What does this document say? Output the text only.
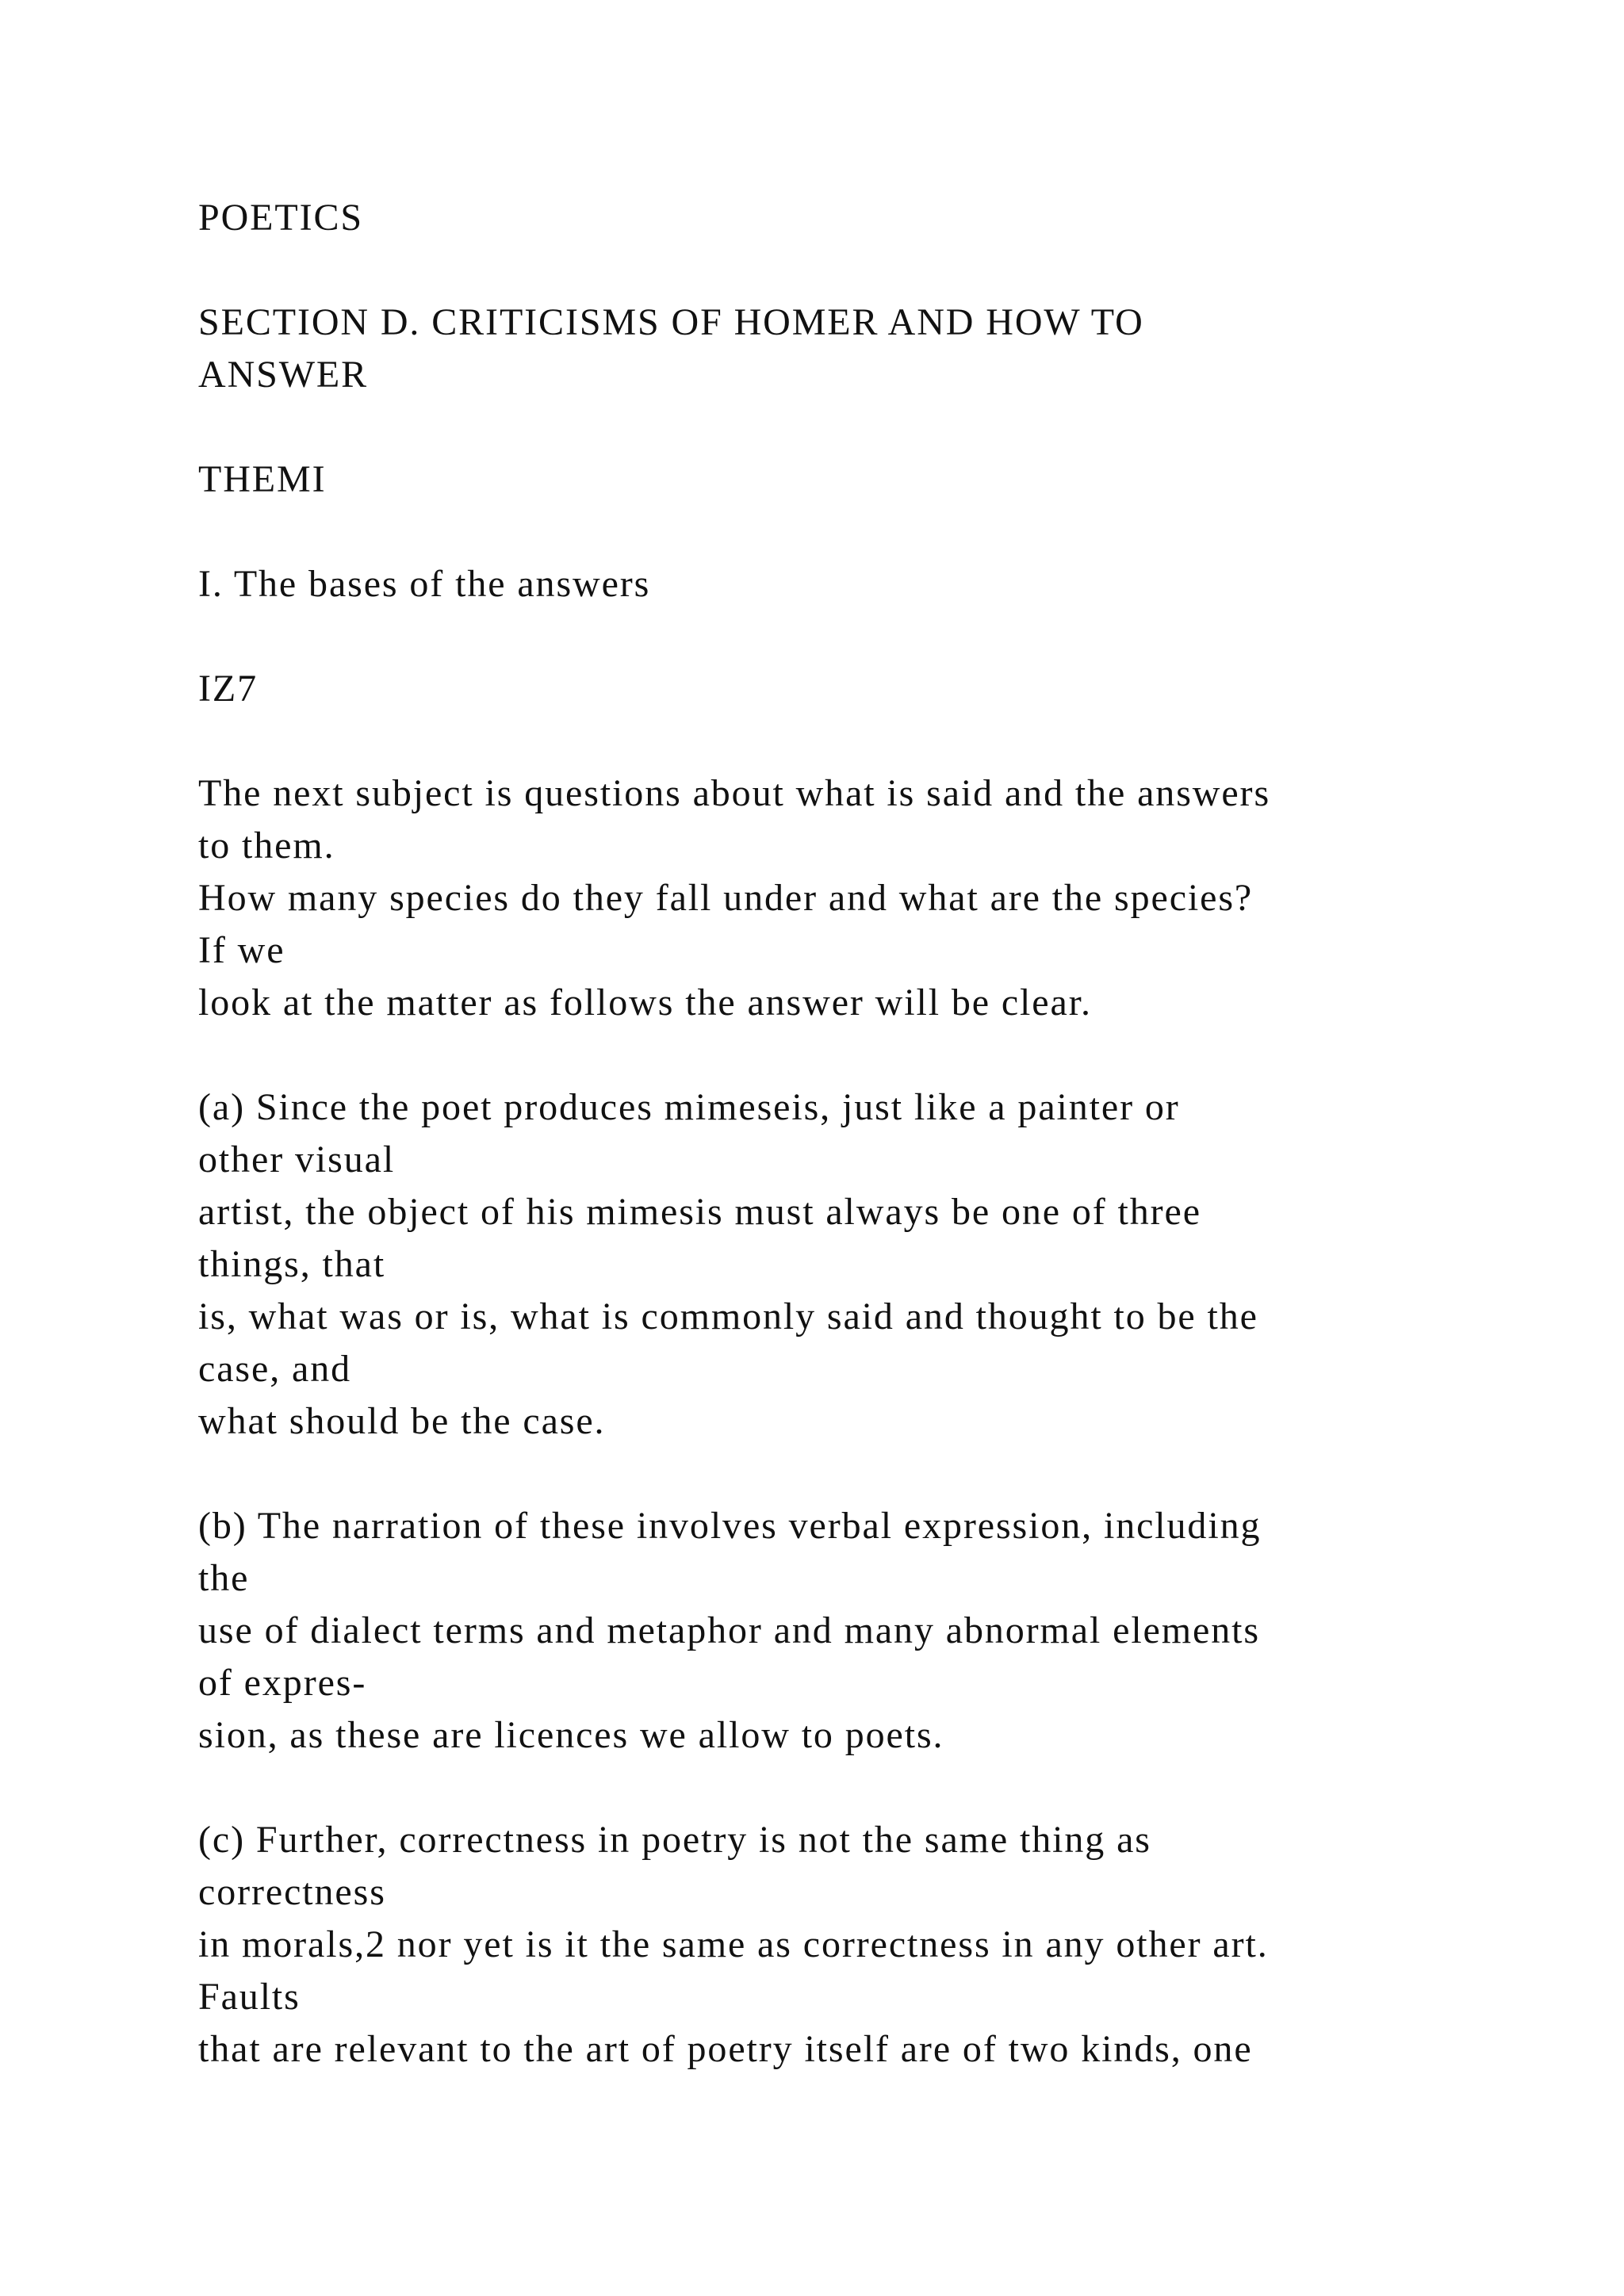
POETICS
SECTION D. CRITICISMS OF HOMER AND HOW TO
ANSWER
THEMI
I. The bases of the answers
IZ7
The next subject is questions about what is said and the answers
to them.
How many species do they fall under and what are the species?
If we
look at the matter as follows the answer will be clear.
(a) Since the poet produces mimeseis, just like a painter or
other visual
artist, the object of his mimesis must always be one of three
things, that
is, what was or is, what is commonly said and thought to be the
case, and
what should be the case.
(b) The narration of these involves verbal expression, including
the
use of dialect terms and metaphor and many abnormal elements
of expres-
sion, as these are licences we allow to poets.
(c) Further, correctness in poetry is not the same thing as
correctness
in morals,2 nor yet is it the same as correctness in any other art.
Faults
that are relevant to the art of poetry itself are of two kinds, one
